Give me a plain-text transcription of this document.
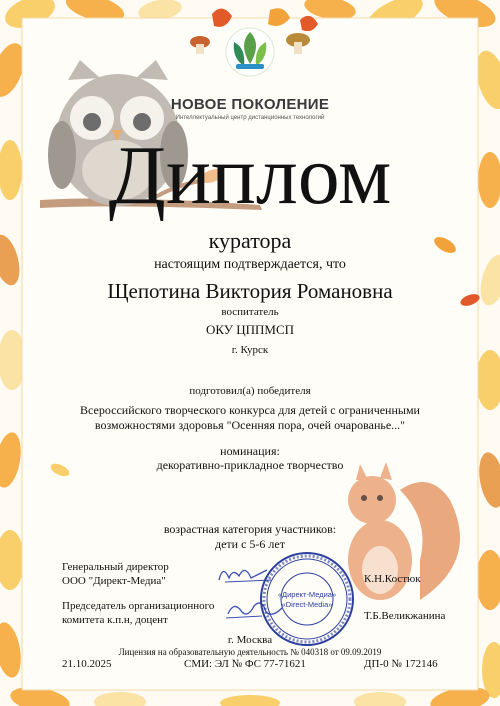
НОВОЕ ПОКОЛЕНИЕ
Интеллектуальный центр дистанционных технологий
Диплом
куратора
настоящим подтверждается, что
Щепотина Виктория Романовна
воспитатель
ОКУ ЦППМСП
г. Курск
подготовил(а) победителя
Всероссийского творческого конкурса для детей с ограниченными
возможностями здоровья "Осенняя пора, очей очарованье..."
номинация:
декоративно-прикладное творчество
возрастная категория участников:
дети с 5-6 лет
Генеральный директор
ООО "Директ-Медиа"	К.Н.Костюк
Председатель организационного
комитета к.п.н, доцент	Т.Б.Великжанина
«Директ-Медиа»
«Direct-Media»
г. Москва
Лицензия на образовательную деятельность № 040318 от 09.09.2019
21.10.2025	СМИ: ЭЛ № ФС 77-71621	ДП-0 № 172146
